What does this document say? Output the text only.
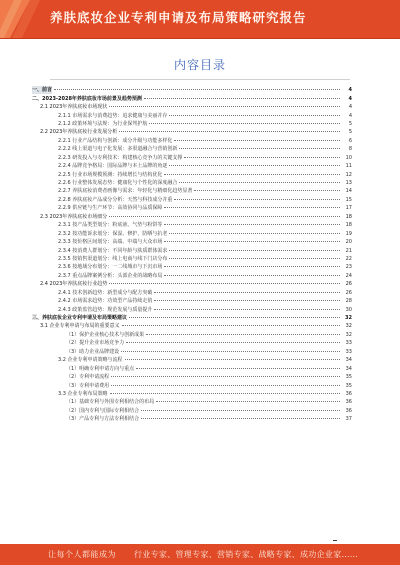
养肤底妆企业专利申请及布局策略研究报告
内容目录
一、 前言	4
二、 2023-2028年养肤底妆市场前景及趋势预测	4
2.1 2023年养肤底妆市场现状	4
2.1.1 市场需求与消费趋势：追求健康与美丽并存	4
2.1.2 政策环境与法规：为行业保驾护航	5
2.2 2023年养肤底妆行业发展分析	5
2.2.1 行业产品结构与创新：成分升级与功能多样化	6
2.2.2 线上渠道与电子化发展：多渠道融合与营销创新	8
2.2.3 研发投入与专利技术：构建核心竞争力的关键支撑	10
2.2.4 品牌竞争格局：国际品牌与本土品牌的角逐	11
2.2.5 行业市场规模预测：持续增长与结构优化	12
2.2.6 行业整体发展态势：健康化与个性化的深度融合	13
2.2.7 养肤底妆消费者画像与需求：年轻化与精细化趋势显著	14
2.2.8 养肤底妆产品成分分析：天然与科技成分并重	15
2.2.9 供应链与生产环节：高效协同与品质保障	17
2.3 2023年养肤底妆市场细分	18
2.3.1 按产品类型划分：粉底液、气垫与粉饼等	18
2.3.2 按功能诉求划分：保湿、修护、防晒与抗老	19
2.3.3 按价格区间划分：高端、中端与大众市场	20
2.3.4 按消费人群划分：不同年龄与肤质群体需求	21
2.3.5 按销售渠道划分：线上电商与线下门店分布	22
2.3.6 按地域分布划分：一二线城市与下沉市场	23
2.3.7 重点品牌案例分析：头部企业的战略布局	24
2.4 2023年养肤底妆行业趋势	26
2.4.1 技术创新趋势：新型成分与配方突破	26
2.4.2 市场需求趋势：功效型产品持续走俏	28
2.4.3 政策监管趋势：规范发展与质量提升	30
三、 养肤底妆企业专利申请及布局策略建议	32
3.1 企业专利申请与布局的重要意义	32
（1）保护企业核心技术与创新成果	32
（2）提升企业市场竞争力	33
（3）助力企业品牌建设	33
3.2 企业专利申请策略与流程	34
（1）明确专利申请方向与重点	34
（2）专利申请流程	35
（3）专利申请费用	35
3.3 企业专利布局策略	36
（1）基础专利与外围专利相结合的布局	36
（2）国内专利与国际专利相结合	36
（3）产品专利与方法专利相结合	37
让每个人都能成为 行业专家、管理专家、营销专家、战略专家、成功企业家……
